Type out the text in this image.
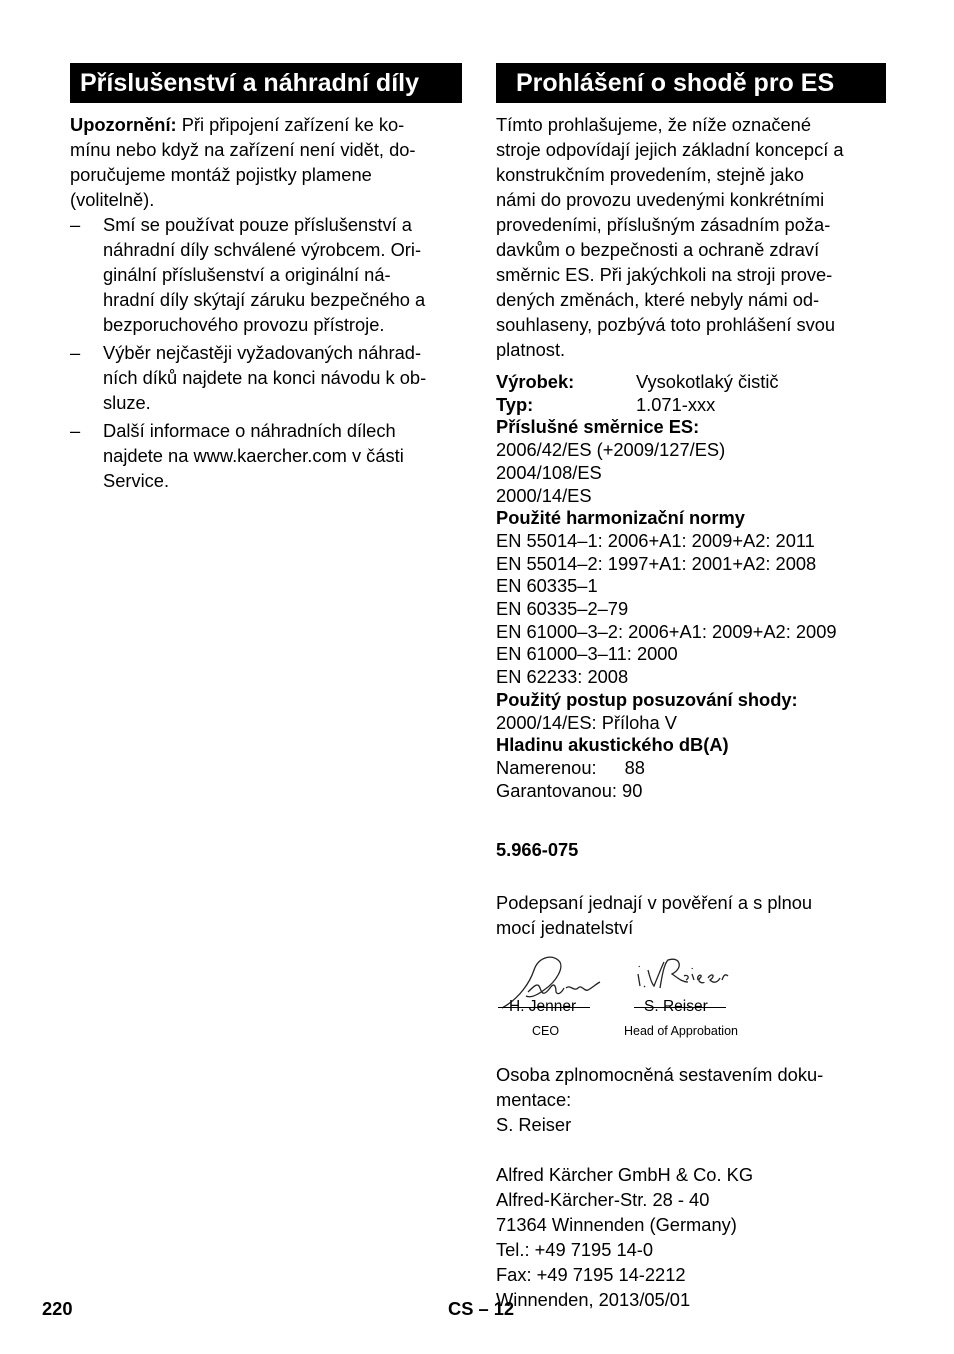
Příslušenství a náhradní díly
Upozornění: Při připojení zařízení ke ko-
mínu nebo když na zařízení není vidět, do-
poručujeme montáž pojistky plamene
(volitelně).
– Smí se používat pouze příslušenství a
náhradní díly schválené výrobcem. Ori-
ginální příslušenství a originální ná-
hradní díly skýtají záruku bezpečného a
bezporuchového provozu přístroje.
– Výběr nejčastěji vyžadovaných náhrad-
ních díků najdete na konci návodu k ob-
sluze.
– Další informace o náhradních dílech
najdete na www.kaercher.com v části
Service.
Prohlášení o shodě pro ES
Tímto prohlašujeme, že níže označené
stroje odpovídají jejich základní koncepcí a
konstrukčním provedením, stejně jako
námi do provozu uvedenými konkrétními
provedeními, příslušným zásadním poža-
davkům o bezpečnosti a ochraně zdraví
směrnic ES. Při jakýchkoli na stroji prove-
dených změnách, které nebyly námi od-
souhlaseny, pozbývá toto prohlášení svou
platnost.
Výrobek:	Vysokotlaký čistič
Typ:	1.071-xxx
Příslušné směrnice ES:
2006/42/ES (+2009/127/ES)
2004/108/ES
2000/14/ES
Použité harmonizační normy
EN 55014–1: 2006+A1: 2009+A2: 2011
EN 55014–2: 1997+A1: 2001+A2: 2008
EN 60335–1
EN 60335–2–79
EN 61000–3–2: 2006+A1: 2009+A2: 2009
EN 61000–3–11: 2000
EN 62233: 2008
Použitý postup posuzování shody:
2000/14/ES: Příloha V
Hladinu akustického dB(A)
Namerenou: 88
Garantovanou: 90
5.966-075
Podepsaní jednají v pověření a s plnou
mocí jednatelství
H. Jenner	S. Reiser
CEO	Head of Approbation
Osoba zplnomocněná sestavením doku-
mentace:
S. Reiser
Alfred Kärcher GmbH & Co. KG
Alfred-Kärcher-Str. 28 - 40
71364 Winnenden (Germany)
Tel.: +49 7195 14-0
Fax: +49 7195 14-2212
Winnenden, 2013/05/01
220	CS – 12
